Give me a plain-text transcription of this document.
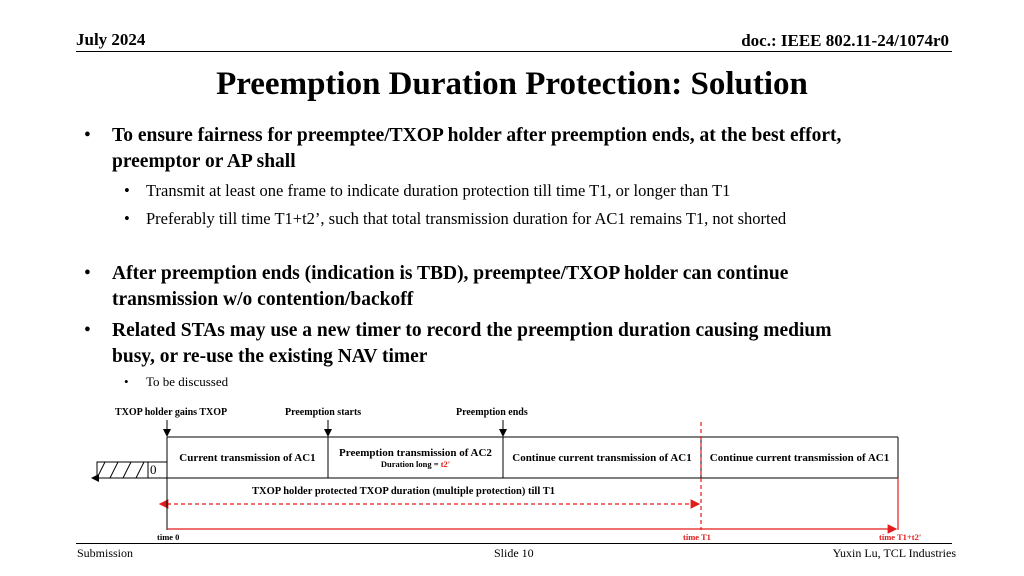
July 2024	doc.: IEEE 802.11-24/1074r0
Preemption Duration Protection: Solution
• To ensure fairness for preemptee/TXOP holder after preemption ends, at the best effort, preemptor or AP shall
• Transmit at least one frame to indicate duration protection till time T1, or longer than T1
• Preferably till time T1+t2’, such that total transmission duration for AC1 remains T1, not shorted
• After preemption ends (indication is TBD), preemptee/TXOP holder can continue transmission w/o contention/backoff
• Related STAs may use a new timer to record the preemption duration causing medium busy, or re-use the existing NAV timer
• To be discussed
TXOP holder gains TXOP	Preemption starts	Preemption ends
0
Current transmission of AC1 Preemption transmission of AC2
Duration long = t2'	Continue current transmission of AC1 Continue current transmission of AC1
TXOP holder protected TXOP duration (multiple protection) till T1
time 0	time T1	time T1+t2'
Submission	Slide 10	Yuxin Lu, TCL Industries
